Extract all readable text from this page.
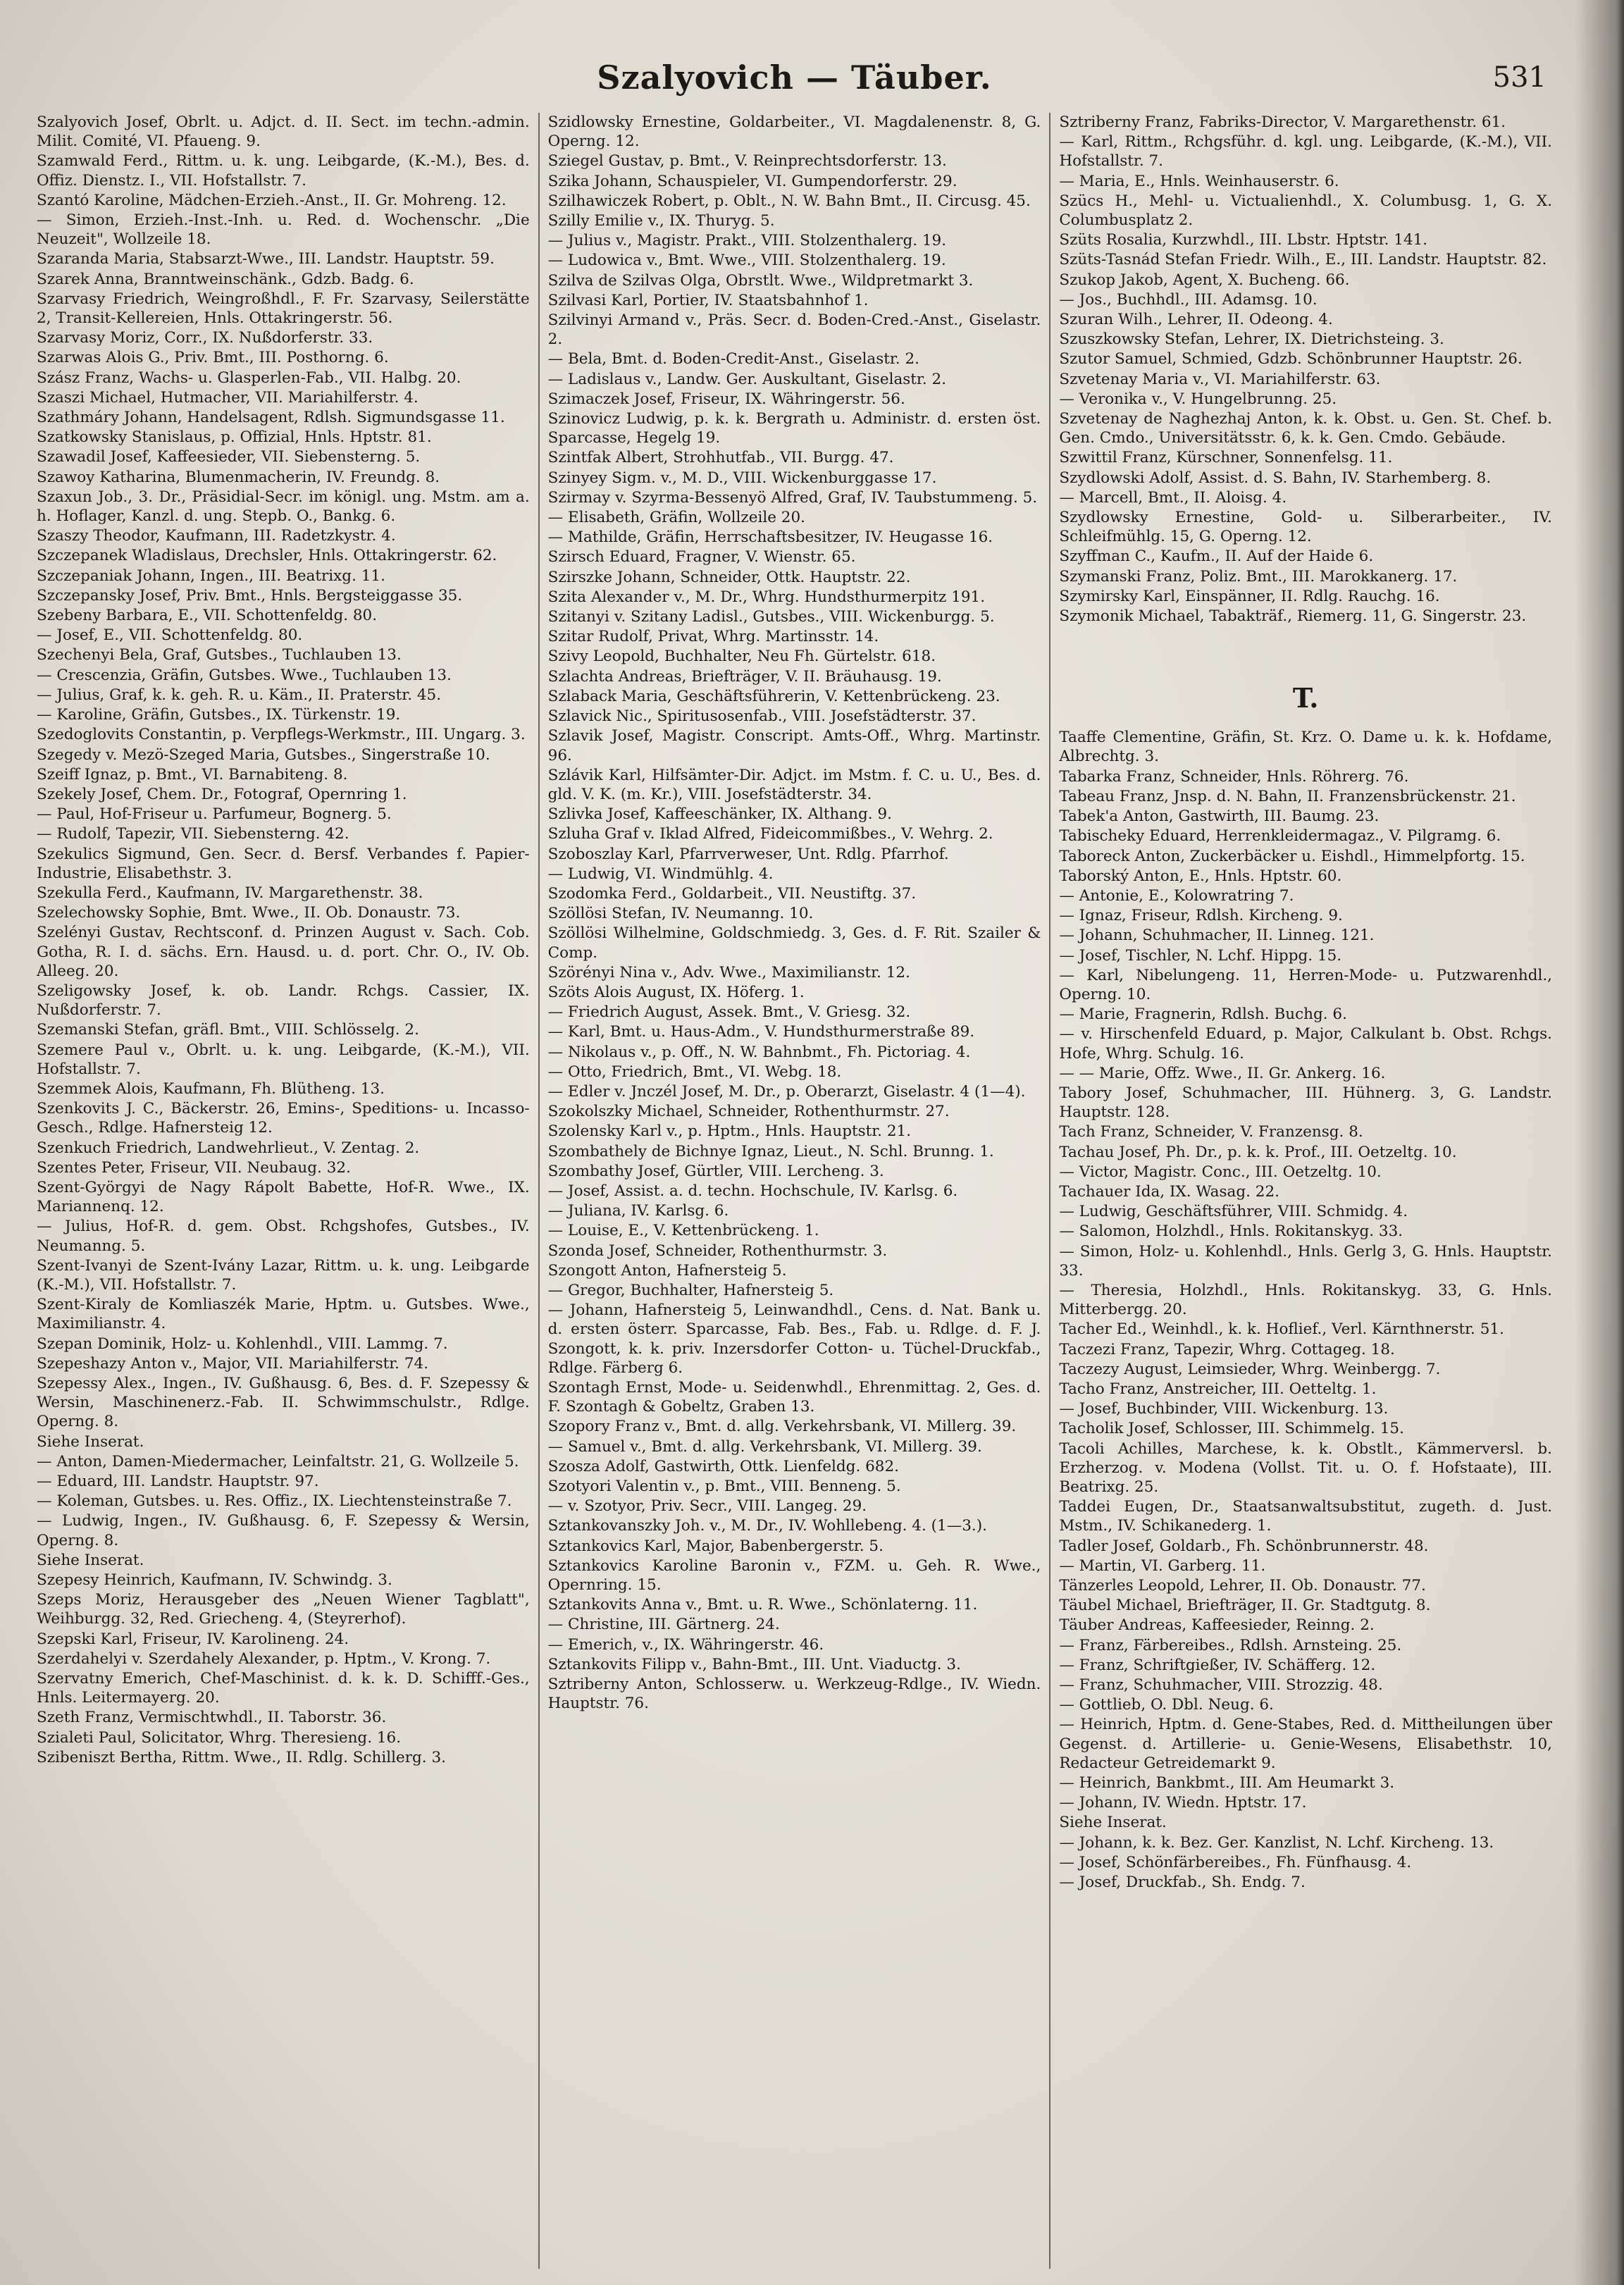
Szalyovich — Täuber.	531
Szalyovich Josef, Obrlt. u. Adjct. d. II. Sect. im techn.-admin. Milit. Comité, VI. Pfaueng. 9.
Szamwald Ferd., Rittm. u. k. ung. Leibgarde, (K.-M.), Bes. d. Offiz. Dienstz. I., VII. Hofstallstr. 7.
Szantó Karoline, Mädchen-Erzieh.-Anst., II. Gr. Mohreng. 12.
— Simon, Erzieh.-Inst.-Inh. u. Red. d. Wochenschr. „Die Neuzeit", Wollzeile 18.
Szaranda Maria, Stabsarzt-Wwe., III. Landstr. Hauptstr. 59.
Szarek Anna, Branntweinschänk., Gdzb. Badg. 6.
Szarvasy Friedrich, Weingroßhdl., F. Fr. Szarvasy, Seilerstätte 2, Transit-Kellereien, Hnls. Ottakringerstr. 56.
Szarvasy Moriz, Corr., IX. Nußdorferstr. 33.
Szarwas Alois G., Priv. Bmt., III. Posthorng. 6.
Szász Franz, Wachs- u. Glasperlen-Fab., VII. Halbg. 20.
Szaszi Michael, Hutmacher, VII. Mariahilferstr. 4.
Szathmáry Johann, Handelsagent, Rdlsh. Sigmundsgasse 11.
Szatkowsky Stanislaus, p. Offizial, Hnls. Hptstr. 81.
Szawadil Josef, Kaffeesieder, VII. Siebensterng. 5.
Szawoy Katharina, Blumenmacherin, IV. Freundg. 8.
Szaxun Job., 3. Dr., Präsidial-Secr. im königl. ung. Mstm. am a. h. Hoflager, Kanzl. d. ung. Stepb. O., Bankg. 6.
Szaszy Theodor, Kaufmann, III. Radetzkystr. 4.
Szczepanek Wladislaus, Drechsler, Hnls. Ottakringerstr. 62.
Szczepaniak Johann, Ingen., III. Beatrixg. 11.
Szczepansky Josef, Priv. Bmt., Hnls. Bergsteiggasse 35.
Szebeny Barbara, E., VII. Schottenfeldg. 80.
— Josef, E., VII. Schottenfeldg. 80.
Szechenyi Bela, Graf, Gutsbes., Tuchlauben 13.
— Crescenzia, Gräfin, Gutsbes. Wwe., Tuchlauben 13.
— Julius, Graf, k. k. geh. R. u. Käm., II. Praterstr. 45.
— Karoline, Gräfin, Gutsbes., IX. Türkenstr. 19.
Szedoglovits Constantin, p. Verpflegs-Werkmstr., III. Ungarg. 3.
Szegedy v. Mezö-Szeged Maria, Gutsbes., Singerstraße 10.
Szeiff Ignaz, p. Bmt., VI. Barnabiteng. 8.
Szekely Josef, Chem. Dr., Fotograf, Opernring 1.
— Paul, Hof-Friseur u. Parfumeur, Bognerg. 5.
— Rudolf, Tapezir, VII. Siebensterng. 42.
Szekulics Sigmund, Gen. Secr. d. Bersf. Verbandes f. Papier-Industrie, Elisabethstr. 3.
Szekulla Ferd., Kaufmann, IV. Margarethenstr. 38.
Szelechowsky Sophie, Bmt. Wwe., II. Ob. Donaustr. 73.
Szelényi Gustav, Rechtsconf. d. Prinzen August v. Sach. Cob. Gotha, R. I. d. sächs. Ern. Hausd. u. d. port. Chr. O., IV. Ob. Alleeg. 20.
Szeligowsky Josef, k. ob. Landr. Rchgs. Cassier, IX. Nußdorferstr. 7.
Szemanski Stefan, gräfl. Bmt., VIII. Schlösselg. 2.
Szemere Paul v., Obrlt. u. k. ung. Leibgarde, (K.-M.), VII. Hofstallstr. 7.
Szemmek Alois, Kaufmann, Fh. Blütheng. 13.
Szenkovits J. C., Bäckerstr. 26, Emins-, Speditions- u. Incasso-Gesch., Rdlge. Hafnersteig 12.
Szenkuch Friedrich, Landwehrlieut., V. Zentag. 2.
Szentes Peter, Friseur, VII. Neubaug. 32.
Szent-Györgyi de Nagy Rápolt Babette, Hof-R. Wwe., IX. Mariannenq. 12.
— Julius, Hof-R. d. gem. Obst. Rchgshofes, Gutsbes., IV. Neumanng. 5.
Szent-Ivanyi de Szent-Ivány Lazar, Rittm. u. k. ung. Leibgarde (K.-M.), VII. Hofstallstr. 7.
Szent-Kiraly de Komliaszék Marie, Hptm. u. Gutsbes. Wwe., Maximilianstr. 4.
Szepan Dominik, Holz- u. Kohlenhdl., VIII. Lammg. 7.
Szepeshazy Anton v., Major, VII. Mariahilferstr. 74.
Szepessy Alex., Ingen., IV. Gußhausg. 6, Bes. d. F. Szepessy & Wersin, Maschinenerz.-Fab. II. Schwimmschulstr., Rdlge. Operng. 8.
Siehe Inserat.
— Anton, Damen-Miedermacher, Leinfaltstr. 21, G. Wollzeile 5.
— Eduard, III. Landstr. Hauptstr. 97.
— Koleman, Gutsbes. u. Res. Offiz., IX. Liechtensteinstraße 7.
— Ludwig, Ingen., IV. Gußhausg. 6, F. Szepessy & Wersin, Operng. 8.
Siehe Inserat.
Szepesy Heinrich, Kaufmann, IV. Schwindg. 3.
Szeps Moriz, Herausgeber des „Neuen Wiener Tagblatt", Weihburgg. 32, Red. Griecheng. 4, (Steyrerhof).
Szepski Karl, Friseur, IV. Karolineng. 24.
Szerdahelyi v. Szerdahely Alexander, p. Hptm., V. Krong. 7.
Szervatny Emerich, Chef-Maschinist. d. k. k. D. Schifff.-Ges., Hnls. Leitermayerg. 20.
Szeth Franz, Vermischtwhdl., II. Taborstr. 36.
Szialeti Paul, Solicitator, Whrg. Theresieng. 16.
Szibeniszt Bertha, Rittm. Wwe., II. Rdlg. Schillerg. 3.
Szidlowsky Ernestine, Goldarbeiter., VI. Magdalenenstr. 8, G. Operng. 12.
Sziegel Gustav, p. Bmt., V. Reinprechtsdorferstr. 13.
Szika Johann, Schauspieler, VI. Gumpendorferstr. 29.
Szilhawiczek Robert, p. Oblt., N. W. Bahn Bmt., II. Circusg. 45.
Szilly Emilie v., IX. Thuryg. 5.
— Julius v., Magistr. Prakt., VIII. Stolzenthalerg. 19.
— Ludowica v., Bmt. Wwe., VIII. Stolzenthalerg. 19.
Szilva de Szilvas Olga, Obrstlt. Wwe., Wildpretmarkt 3.
Szilvasi Karl, Portier, IV. Staatsbahnhof 1.
Szilvinyi Armand v., Präs. Secr. d. Boden-Cred.-Anst., Giselastr. 2.
— Bela, Bmt. d. Boden-Credit-Anst., Giselastr. 2.
— Ladislaus v., Landw. Ger. Auskultant, Giselastr. 2.
Szimaczek Josef, Friseur, IX. Währingerstr. 56.
Szinovicz Ludwig, p. k. k. Bergrath u. Administr. d. ersten öst. Sparcasse, Hegelg 19.
Szintfak Albert, Strohhutfab., VII. Burgg. 47.
Szinyey Sigm. v., M. D., VIII. Wickenburggasse 17.
Szirmay v. Szyrma-Bessenyö Alfred, Graf, IV. Taubstummeng. 5.
— Elisabeth, Gräfin, Wollzeile 20.
— Mathilde, Gräfin, Herrschaftsbesitzer, IV. Heugasse 16.
Szirsch Eduard, Fragner, V. Wienstr. 65.
Szirszke Johann, Schneider, Ottk. Hauptstr. 22.
Szita Alexander v., M. Dr., Whrg. Hundsthurmerpitz 191.
Szitanyi v. Szitany Ladisl., Gutsbes., VIII. Wickenburgg. 5.
Szitar Rudolf, Privat, Whrg. Martinsstr. 14.
Szivy Leopold, Buchhalter, Neu Fh. Gürtelstr. 618.
Szlachta Andreas, Briefträger, V. II. Bräuhausg. 19.
Szlaback Maria, Geschäftsführerin, V. Kettenbrückeng. 23.
Szlavick Nic., Spiritusosenfab., VIII. Josefstädterstr. 37.
Szlavik Josef, Magistr. Conscript. Amts-Off., Whrg. Martinstr. 96.
Szlávik Karl, Hilfsämter-Dir. Adjct. im Mstm. f. C. u. U., Bes. d. gld. V. K. (m. Kr.), VIII. Josefstädterstr. 34.
Szlivka Josef, Kaffeeschänker, IX. Althang. 9.
Szluha Graf v. Iklad Alfred, Fideicommißbes., V. Wehrg. 2.
Szoboszlay Karl, Pfarrverweser, Unt. Rdlg. Pfarrhof.
— Ludwig, VI. Windmühlg. 4.
Szodomka Ferd., Goldarbeit., VII. Neustiftg. 37.
Szöllösi Stefan, IV. Neumanng. 10.
Szöllösi Wilhelmine, Goldschmiedg. 3, Ges. d. F. Rit. Szailer & Comp.
Szörényi Nina v., Adv. Wwe., Maximilianstr. 12.
Szöts Alois August, IX. Höferg. 1.
— Friedrich August, Assek. Bmt., V. Griesg. 32.
— Karl, Bmt. u. Haus-Adm., V. Hundsthurmerstraße 89.
— Nikolaus v., p. Off., N. W. Bahnbmt., Fh. Pictoriag. 4.
— Otto, Friedrich, Bmt., VI. Webg. 18.
— Edler v. Jnczél Josef, M. Dr., p. Oberarzt, Giselastr. 4 (1—4).
Szokolszky Michael, Schneider, Rothenthurmstr. 27.
Szolensky Karl v., p. Hptm., Hnls. Hauptstr. 21.
Szombathely de Bichnye Ignaz, Lieut., N. Schl. Brunng. 1.
Szombathy Josef, Gürtler, VIII. Lercheng. 3.
— Josef, Assist. a. d. techn. Hochschule, IV. Karlsg. 6.
— Juliana, IV. Karlsg. 6.
— Louise, E., V. Kettenbrückeng. 1.
Szonda Josef, Schneider, Rothenthurmstr. 3.
Szongott Anton, Hafnersteig 5.
— Gregor, Buchhalter, Hafnersteig 5.
— Johann, Hafnersteig 5, Leinwandhdl., Cens. d. Nat. Bank u. d. ersten österr. Sparcasse, Fab. Bes., Fab. u. Rdlge. d. F. J. Szongott, k. k. priv. Inzersdorfer Cotton- u. Tüchel-Druckfab., Rdlge. Färberg 6.
Szontagh Ernst, Mode- u. Seidenwhdl., Ehrenmittag. 2, Ges. d. F. Szontagh & Gobeltz, Graben 13.
Szopory Franz v., Bmt. d. allg. Verkehrsbank, VI. Millerg. 39.
— Samuel v., Bmt. d. allg. Verkehrsbank, VI. Millerg. 39.
Szosza Adolf, Gastwirth, Ottk. Lienfeldg. 682.
Szotyori Valentin v., p. Bmt., VIII. Benneng. 5.
— v. Szotyor, Priv. Secr., VIII. Langeg. 29.
Sztankovanszky Joh. v., M. Dr., IV. Wohllebeng. 4. (1—3.).
Sztankovics Karl, Major, Babenbergerstr. 5.
Sztankovics Karoline Baronin v., FZM. u. Geh. R. Wwe., Opernring. 15.
Sztankovits Anna v., Bmt. u. R. Wwe., Schönlaterng. 11.
— Christine, III. Gärtnerg. 24.
— Emerich, v., IX. Währingerstr. 46.
Sztankovits Filipp v., Bahn-Bmt., III. Unt. Viaductg. 3.
Sztriberny Anton, Schlosserw. u. Werkzeug-Rdlge., IV. Wiedn. Hauptstr. 76.
Sztriberny Franz, Fabriks-Director, V. Margarethenstr. 61.
— Karl, Rittm., Rchgsführ. d. kgl. ung. Leibgarde, (K.-M.), VII. Hofstallstr. 7.
— Maria, E., Hnls. Weinhauserstr. 6.
Szücs H., Mehl- u. Victualienhdl., X. Columbusg. 1, G. X. Columbusplatz 2.
Szüts Rosalia, Kurzwhdl., III. Lbstr. Hptstr. 141.
Szüts-Tasnád Stefan Friedr. Wilh., E., III. Landstr. Hauptstr. 82.
Szukop Jakob, Agent, X. Bucheng. 66.
— Jos., Buchhdl., III. Adamsg. 10.
Szuran Wilh., Lehrer, II. Odeong. 4.
Szuszkowsky Stefan, Lehrer, IX. Dietrichsteing. 3.
Szutor Samuel, Schmied, Gdzb. Schönbrunner Hauptstr. 26.
Szvetenay Maria v., VI. Mariahilferstr. 63.
— Veronika v., V. Hungelbrunng. 25.
Szvetenay de Naghezhaj Anton, k. k. Obst. u. Gen. St. Chef. b. Gen. Cmdo., Universitätsstr. 6, k. k. Gen. Cmdo. Gebäude.
Szwittil Franz, Kürschner, Sonnenfelsg. 11.
Szydlowski Adolf, Assist. d. S. Bahn, IV. Starhemberg. 8.
— Marcell, Bmt., II. Aloisg. 4.
Szydlowsky Ernestine, Gold- u. Silberarbeiter., IV. Schleifmühlg. 15, G. Operng. 12.
Szyffman C., Kaufm., II. Auf der Haide 6.
Szymanski Franz, Poliz. Bmt., III. Marokkanerg. 17.
Szymirsky Karl, Einspänner, II. Rdlg. Rauchg. 16.
Szymonik Michael, Tabakträf., Riemerg. 11, G. Singerstr. 23.
T.
Taaffe Clementine, Gräfin, St. Krz. O. Dame u. k. k. Hofdame, Albrechtg. 3.
Tabarka Franz, Schneider, Hnls. Röhrerg. 76.
Tabeau Franz, Jnsp. d. N. Bahn, II. Franzensbrückenstr. 21.
Tabek'a Anton, Gastwirth, III. Baumg. 23.
Tabischeky Eduard, Herrenkleidermagaz., V. Pilgramg. 6.
Taboreck Anton, Zuckerbäcker u. Eishdl., Himmelpfortg. 15.
Taborský Anton, E., Hnls. Hptstr. 60.
— Antonie, E., Kolowratring 7.
— Ignaz, Friseur, Rdlsh. Kircheng. 9.
— Johann, Schuhmacher, II. Linneg. 121.
— Josef, Tischler, N. Lchf. Hippg. 15.
— Karl, Nibelungeng. 11, Herren-Mode- u. Putzwarenhdl., Operng. 10.
— Marie, Fragnerin, Rdlsh. Buchg. 6.
— v. Hirschenfeld Eduard, p. Major, Calkulant b. Obst. Rchgs. Hofe, Whrg. Schulg. 16.
— — Marie, Offz. Wwe., II. Gr. Ankerg. 16.
Tabory Josef, Schuhmacher, III. Hühnerg. 3, G. Landstr. Hauptstr. 128.
Tach Franz, Schneider, V. Franzensg. 8.
Tachau Josef, Ph. Dr., p. k. k. Prof., III. Oetzeltg. 10.
— Victor, Magistr. Conc., III. Oetzeltg. 10.
Tachauer Ida, IX. Wasag. 22.
— Ludwig, Geschäftsführer, VIII. Schmidg. 4.
— Salomon, Holzhdl., Hnls. Rokitanskyg. 33.
— Simon, Holz- u. Kohlenhdl., Hnls. Gerlg 3, G. Hnls. Hauptstr. 33.
— Theresia, Holzhdl., Hnls. Rokitanskyg. 33, G. Hnls. Mitterbergg. 20.
Tacher Ed., Weinhdl., k. k. Hoflief., Verl. Kärnthnerstr. 51.
Taczezi Franz, Tapezir, Whrg. Cottageg. 18.
Taczezy August, Leimsieder, Whrg. Weinbergg. 7.
Tacho Franz, Anstreicher, III. Oetteltg. 1.
— Josef, Buchbinder, VIII. Wickenburg. 13.
Tacholik Josef, Schlosser, III. Schimmelg. 15.
Tacoli Achilles, Marchese, k. k. Obstlt., Kämmerversl. b. Erzherzog. v. Modena (Vollst. Tit. u. O. f. Hofstaate), III. Beatrixg. 25.
Taddei Eugen, Dr., Staatsanwaltsubstitut, zugeth. d. Just. Mstm., IV. Schikanederg. 1.
Tadler Josef, Goldarb., Fh. Schönbrunnerstr. 48.
— Martin, VI. Garberg. 11.
Tänzerles Leopold, Lehrer, II. Ob. Donaustr. 77.
Täubel Michael, Briefträger, II. Gr. Stadtgutg. 8.
Täuber Andreas, Kaffeesieder, Reinng. 2.
— Franz, Färbereibes., Rdlsh. Arnsteing. 25.
— Franz, Schriftgießer, IV. Schäfferg. 12.
— Franz, Schuhmacher, VIII. Strozzig. 48.
— Gottlieb, O. Dbl. Neug. 6.
— Heinrich, Hptm. d. Gene-Stabes, Red. d. Mittheilungen über Gegenst. d. Artillerie- u. Genie-Wesens, Elisabethstr. 10, Redacteur Getreidemarkt 9.
— Heinrich, Bankbmt., III. Am Heumarkt 3.
— Johann, IV. Wiedn. Hptstr. 17.
Siehe Inserat.
— Johann, k. k. Bez. Ger. Kanzlist, N. Lchf. Kircheng. 13.
— Josef, Schönfärbereibes., Fh. Fünfhausg. 4.
— Josef, Druckfab., Sh. Endg. 7.
